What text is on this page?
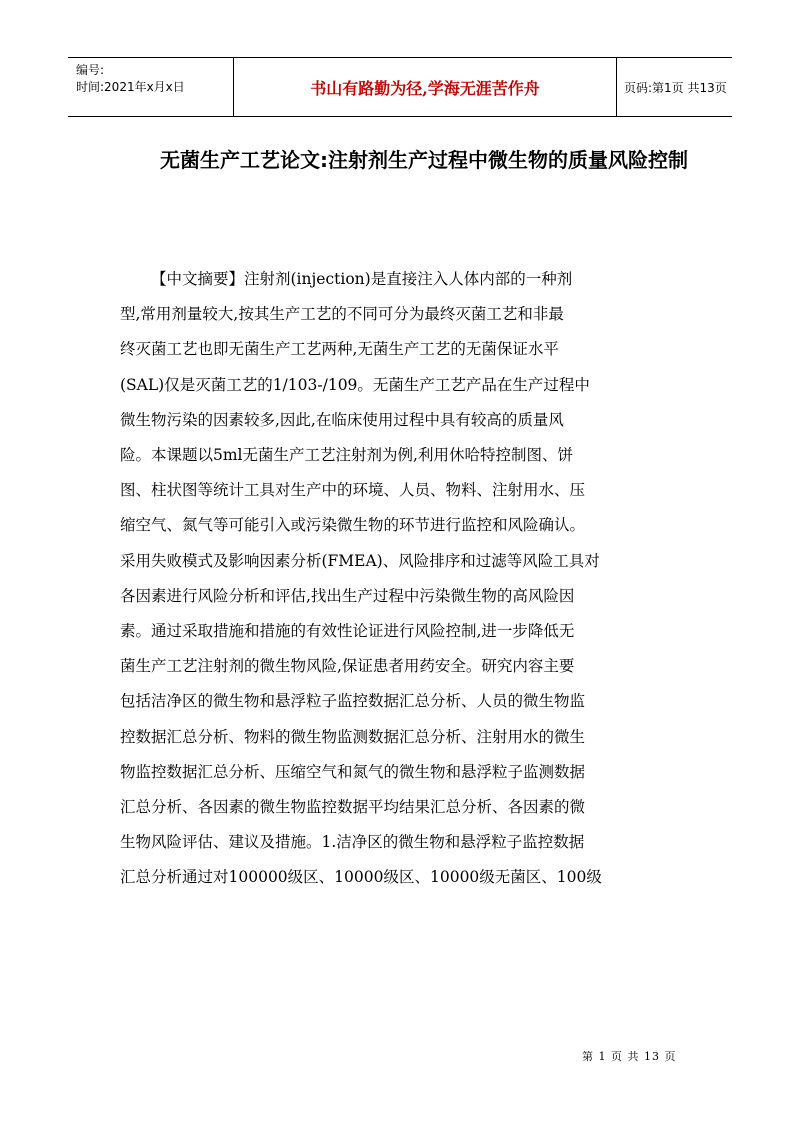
编号:
时间:2021年x月x日	书山有路勤为径,学海无涯苦作舟	页码:第1页 共13页
无菌生产工艺论文:注射剂生产过程中微生物的质量风险控制
【中文摘要】注射剂(injection)是直接注入人体内部的一种剂
型,常用剂量较大,按其生产工艺的不同可分为最终灭菌工艺和非最
终灭菌工艺也即无菌生产工艺两种,无菌生产工艺的无菌保证水平
(SAL)仅是灭菌工艺的1/103-/109。无菌生产工艺产品在生产过程中
微生物污染的因素较多,因此,在临床使用过程中具有较高的质量风
险。本课题以5ml无菌生产工艺注射剂为例,利用休哈特控制图、饼
图、柱状图等统计工具对生产中的环境、人员、物料、注射用水、压
缩空气、氮气等可能引入或污染微生物的环节进行监控和风险确认。
采用失败模式及影响因素分析(FMEA)、风险排序和过滤等风险工具对
各因素进行风险分析和评估,找出生产过程中污染微生物的高风险因
素。通过采取措施和措施的有效性论证进行风险控制,进一步降低无
菌生产工艺注射剂的微生物风险,保证患者用药安全。研究内容主要
包括洁净区的微生物和悬浮粒子监控数据汇总分析、人员的微生物监
控数据汇总分析、物料的微生物监测数据汇总分析、注射用水的微生
物监控数据汇总分析、压缩空气和氮气的微生物和悬浮粒子监测数据
汇总分析、各因素的微生物监控数据平均结果汇总分析、各因素的微
生物风险评估、建议及措施。1.洁净区的微生物和悬浮粒子监控数据
汇总分析通过对100000级区、10000级区、10000级无菌区、100级
第 1 页 共 13 页
